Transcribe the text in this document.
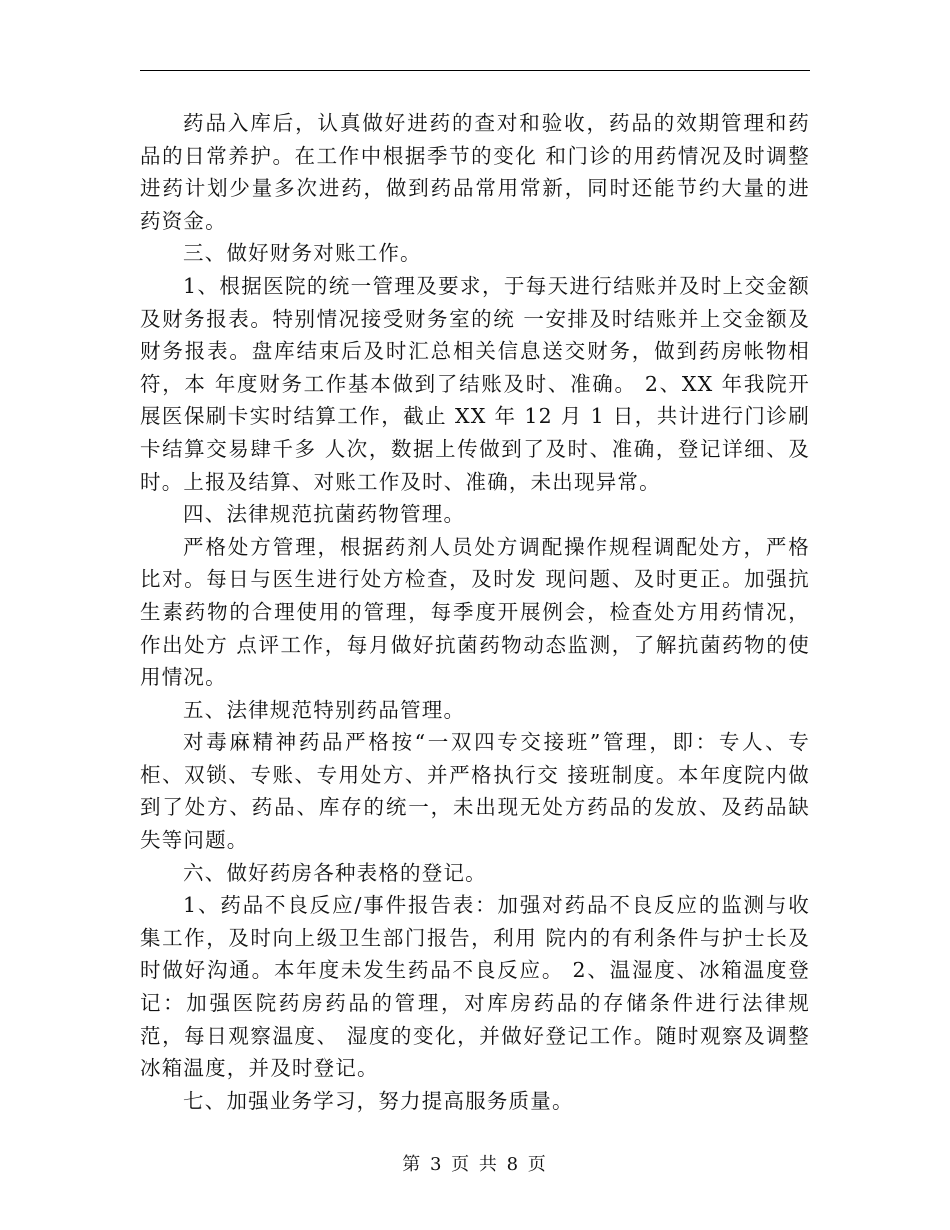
药品入库后，认真做好进药的查对和验收，药品的效期管理和药品的日常养护。在工作中根据季节的变化 和门诊的用药情况及时调整进药计划少量多次进药，做到药品常用常新，同时还能节约大量的进药资金。

三、做好财务对账工作。

1、根据医院的统一管理及要求，于每天进行结账并及时上交金额及财务报表。特别情况接受财务室的统 一安排及时结账并上交金额及财务报表。盘库结束后及时汇总相关信息送交财务，做到药房帐物相符，本 年度财务工作基本做到了结账及时、准确。 2、XX 年我院开展医保刷卡实时结算工作，截止 XX 年 12 月 1 日，共计进行门诊刷卡结算交易肆千多 人次，数据上传做到了及时、准确，登记详细、及时。上报及结算、对账工作及时、准确，未出现异常。

四、法律规范抗菌药物管理。

严格处方管理，根据药剂人员处方调配操作规程调配处方，严格比对。每日与医生进行处方检查，及时发 现问题、及时更正。加强抗生素药物的合理使用的管理，每季度开展例会，检查处方用药情况，作出处方 点评工作，每月做好抗菌药物动态监测，了解抗菌药物的使用情况。

五、法律规范特别药品管理。

对毒麻精神药品严格按“一双四专交接班”管理，即：专人、专柜、双锁、专账、专用处方、并严格执行交 接班制度。本年度院内做到了处方、药品、库存的统一，未出现无处方药品的发放、及药品缺失等问题。

六、做好药房各种表格的登记。

1、药品不良反应/事件报告表：加强对药品不良反应的监测与收集工作，及时向上级卫生部门报告，利用 院内的有利条件与护士长及时做好沟通。本年度未发生药品不良反应。 2、温湿度、冰箱温度登记：加强医院药房药品的管理，对库房药品的存储条件进行法律规范，每日观察温度、 湿度的变化，并做好登记工作。随时观察及调整冰箱温度，并及时登记。

七、加强业务学习，努力提高服务质量。

第 3 页 共 8 页
